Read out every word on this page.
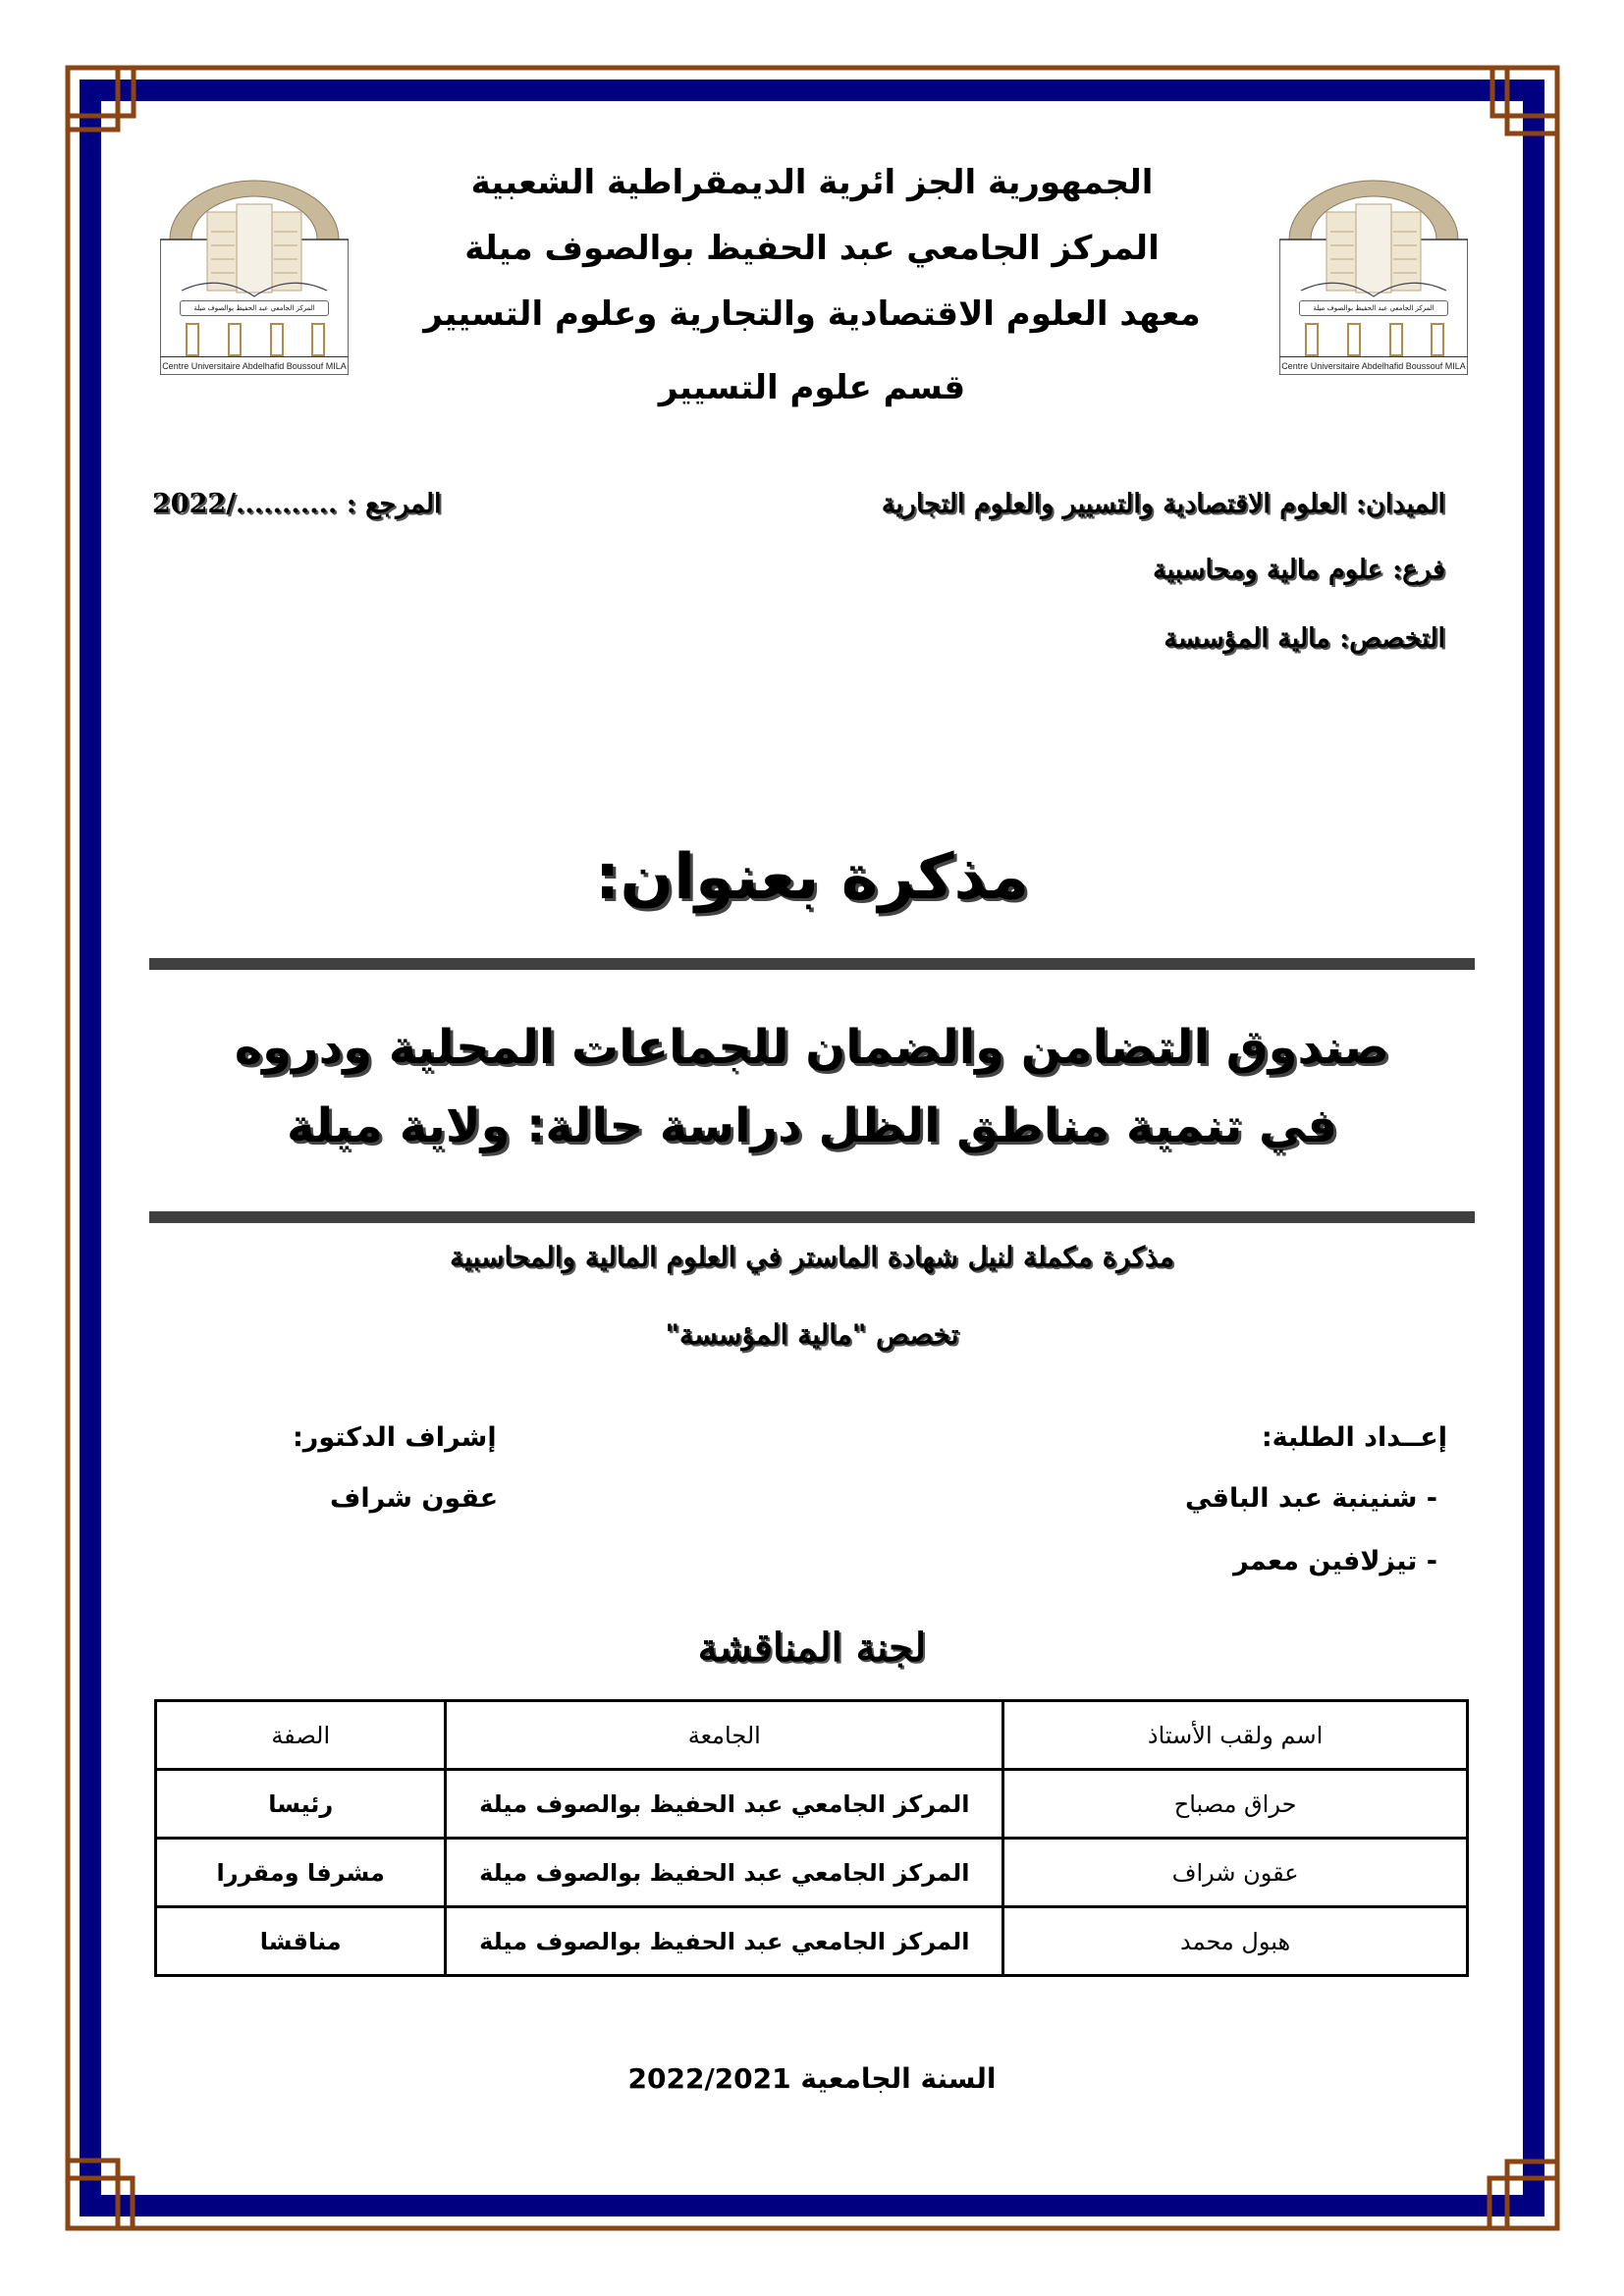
المركز الجامعي عبد الحفيظ بوالصوف ميلة
Centre Universitaire Abdelhafid Boussouf MILA
المركز الجامعي عبد الحفيظ بوالصوف ميلة
Centre Universitaire Abdelhafid Boussouf MILA
الجمهورية الجز ائرية الديمقراطية الشعبية
المركز الجامعي عبد الحفيظ بوالصوف ميلة
معهد العلوم الاقتصادية والتجارية وعلوم التسيير
قسم علوم التسيير
الميدان: العلوم الاقتصادية والتسيير والعلوم التجارية
المرجع : .........../2022
فرع: علوم مالية ومحاسبية
التخصص: مالية المؤسسة
مذكرة بعنوان:
صندوق التضامن والضمان للجماعات المحلية ودروه
في تنمية مناطق الظل دراسة حالة: ولاية ميلة
مذكرة مكملة لنيل شهادة الماستر في العلوم المالية والمحاسبية
تخصص "مالية المؤسسة"
إعــداد الطلبة:
- شنينبة عبد الباقي
- تيزلافين معمر
إشراف الدكتور:
عقون شراف
لجنة المناقشة
اسم ولقب الأستاذ	الجامعة	الصفة
حراق مصباح	المركز الجامعي عبد الحفيظ بوالصوف ميلة	رئيسا
عقون شراف	المركز الجامعي عبد الحفيظ بوالصوف ميلة	مشرفا ومقررا
هبول محمد	المركز الجامعي عبد الحفيظ بوالصوف ميلة	مناقشا
السنة الجامعية 2022/2021
